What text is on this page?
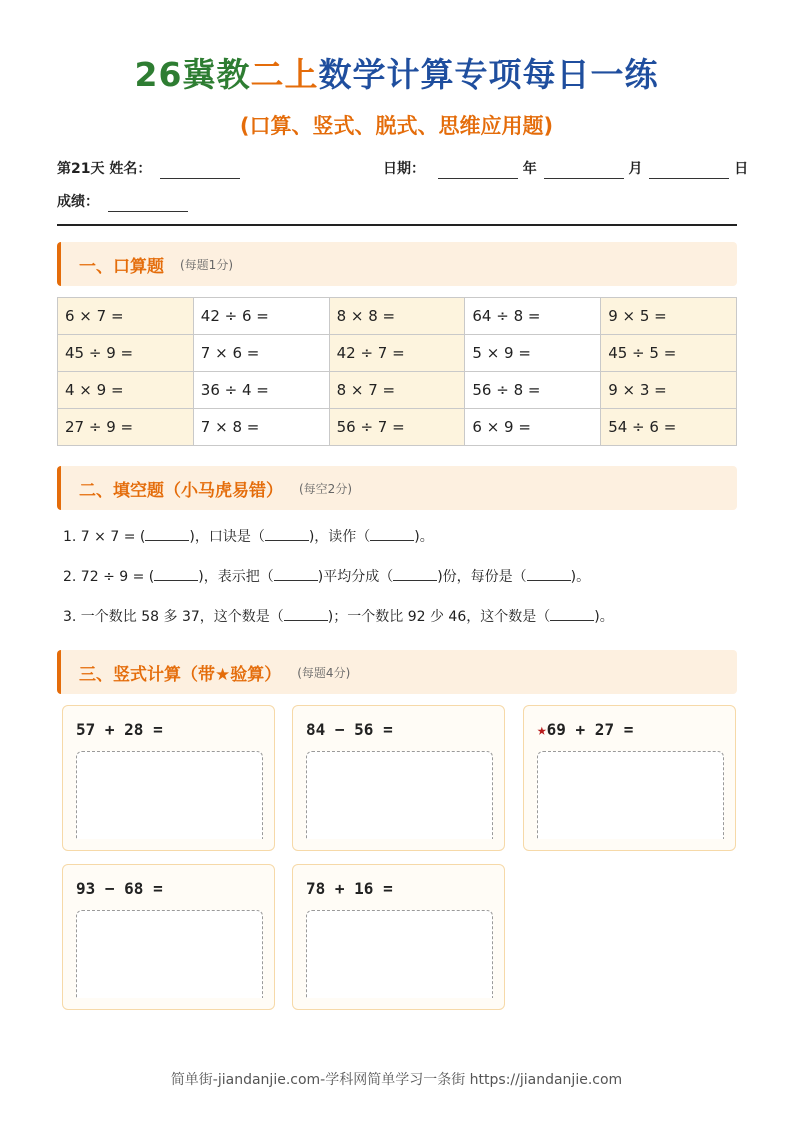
26冀教二上数学计算专项每日一练
(口算、竖式、脱式、思维应用题)
第21天 姓名：	日期：	年	月	日
成绩：
一、口算题 (每题1分)
6 × 7 =	42 ÷ 6 =	8 × 8 =	64 ÷ 8 =	9 × 5 =
45 ÷ 9 =	7 × 6 =	42 ÷ 7 =	5 × 9 =	45 ÷ 5 =
4 × 9 =	36 ÷ 4 =	8 × 7 =	56 ÷ 8 =	9 × 3 =
27 ÷ 9 =	7 × 8 =	56 ÷ 7 =	6 × 9 =	54 ÷ 6 =
二、填空题（小马虎易错） (每空2分)
1. 7 × 7 = (	)，口诀是（	)，读作（	)。
2. 72 ÷ 9 = (	)，表示把（	)平均分成（	)份，每份是（	)。
3. 一个数比 58 多 37，这个数是（	)；一个数比 92 少 46，这个数是（	)。
三、竖式计算（带★验算） (每题4分)
57 + 28 =	84 − 56 =	★69 + 27 =
93 − 68 =	78 + 16 =
简单街-jiandanjie.com-学科网简单学习一条街 https://jiandanjie.com
